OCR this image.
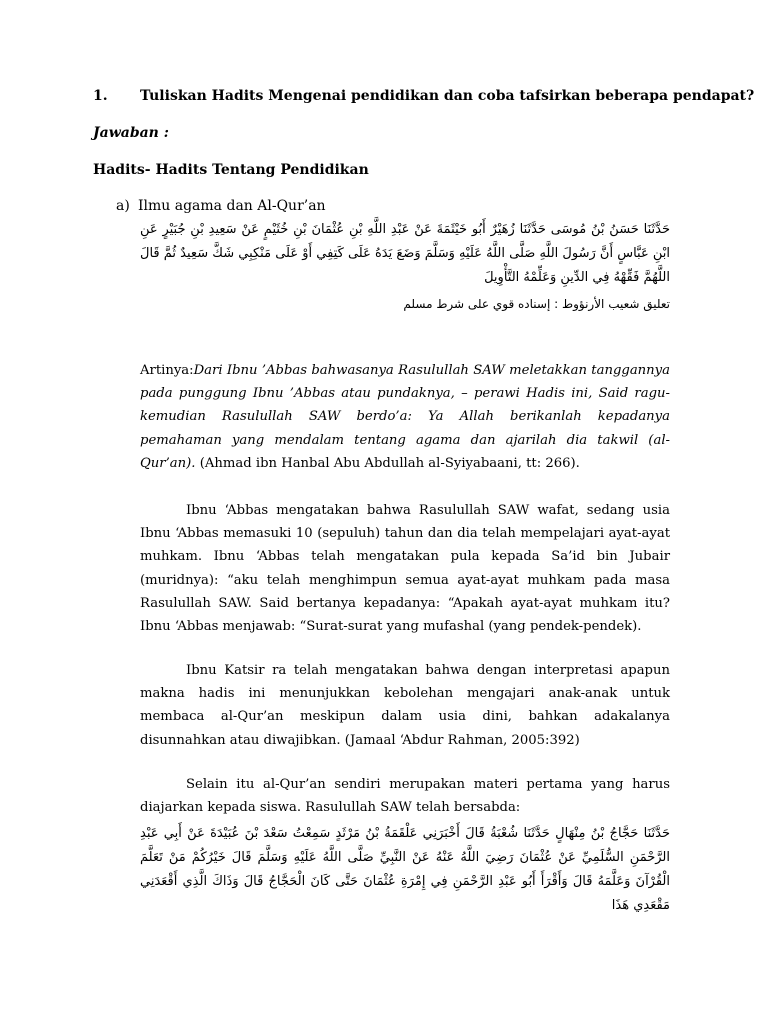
1. Tuliskan Hadits Mengenai pendidikan dan coba tafsirkan beberapa pendapat?
Jawaban :
Hadits- Hadits Tentang Pendidikan
a) Ilmu agama dan Al-Qur’an
حَدَّثَنَا حَسَنُ بْنُ مُوسَى حَدَّثَنَا زُهَيْرٌ أَبُو خَيْثَمَةَ عَنْ عَبْدِ اللَّهِ بْنِ عُثْمَانَ بْنِ خُثَيْمٍ عَنْ سَعِيدِ بْنِ جُبَيْرٍ عَنِ ابْنِ عَبَّاسٍ أَنَّ رَسُولَ اللَّهِ صَلَّى اللَّهُ عَلَيْهِ وَسَلَّمَ وَضَعَ يَدَهُ عَلَى كَتِفِي أَوْ عَلَى مَنْكِبِي شَكَّ سَعِيدٌ ثُمَّ قَالَ اللَّهُمَّ فَقِّهْهُ فِي الدِّينِ وَعَلِّمْهُ التَّأْوِيلَ
تعليق شعيب الأرنؤوط : إسناده قوي على شرط مسلم

Artinya:Dari Ibnu ’Abbas bahwasanya Rasulullah SAW meletakkan tanggannya pada punggung Ibnu ’Abbas atau pundaknya, – perawi Hadis ini, Said ragu- kemudian Rasulullah SAW berdo’a: Ya Allah berikanlah kepadanya pemahaman yang mendalam tentang agama dan ajarilah dia takwil (al-Qur’an). (Ahmad ibn Hanbal Abu Abdullah al-Syiyabaani, tt: 266).

Ibnu ‘Abbas mengatakan bahwa Rasulullah SAW wafat, sedang usia Ibnu ‘Abbas memasuki 10 (sepuluh) tahun dan dia telah mempelajari ayat-ayat muhkam. Ibnu ‘Abbas telah mengatakan pula kepada Sa’id bin Jubair (muridnya): “aku telah menghimpun semua ayat-ayat muhkam pada masa Rasulullah SAW. Said bertanya kepadanya: “Apakah ayat-ayat muhkam itu? Ibnu ‘Abbas menjawab: “Surat-surat yang mufashal (yang pendek-pendek).

Ibnu Katsir ra telah mengatakan bahwa dengan interpretasi apapun makna hadis ini menunjukkan kebolehan mengajari anak-anak untuk membaca al-Qur’an meskipun dalam usia dini, bahkan adakalanya disunnahkan atau diwajibkan. (Jamaal ‘Abdur Rahman, 2005:392)

Selain itu al-Qur’an sendiri merupakan materi pertama yang harus diajarkan kepada siswa. Rasulullah SAW telah bersabda:

حَدَّثَنَا حَجَّاجُ بْنُ مِنْهَالٍ حَدَّثَنَا شُعْبَةُ قَالَ أَخْبَرَنِي عَلْقَمَةُ بْنُ مَرْثَدٍ سَمِعْتُ سَعْدَ بْنَ عُبَيْدَةَ عَنْ أَبِي عَبْدِ الرَّحْمَنِ السُّلَمِيِّ عَنْ عُثْمَانَ رَضِيَ اللَّهُ عَنْهُ عَنْ النَّبِيِّ صَلَّى اللَّهُ عَلَيْهِ وَسَلَّمَ قَالَ خَيْرُكُمْ مَنْ تَعَلَّمَ الْقُرْآنَ وَعَلَّمَهُ قَالَ وَأَقْرَأَ أَبُو عَبْدِ الرَّحْمَنِ فِي إِمْرَةِ عُثْمَانَ حَتَّى كَانَ الْحَجَّاجُ قَالَ وَذَاكَ الَّذِي أَقْعَدَنِي مَقْعَدِي هَذَا
